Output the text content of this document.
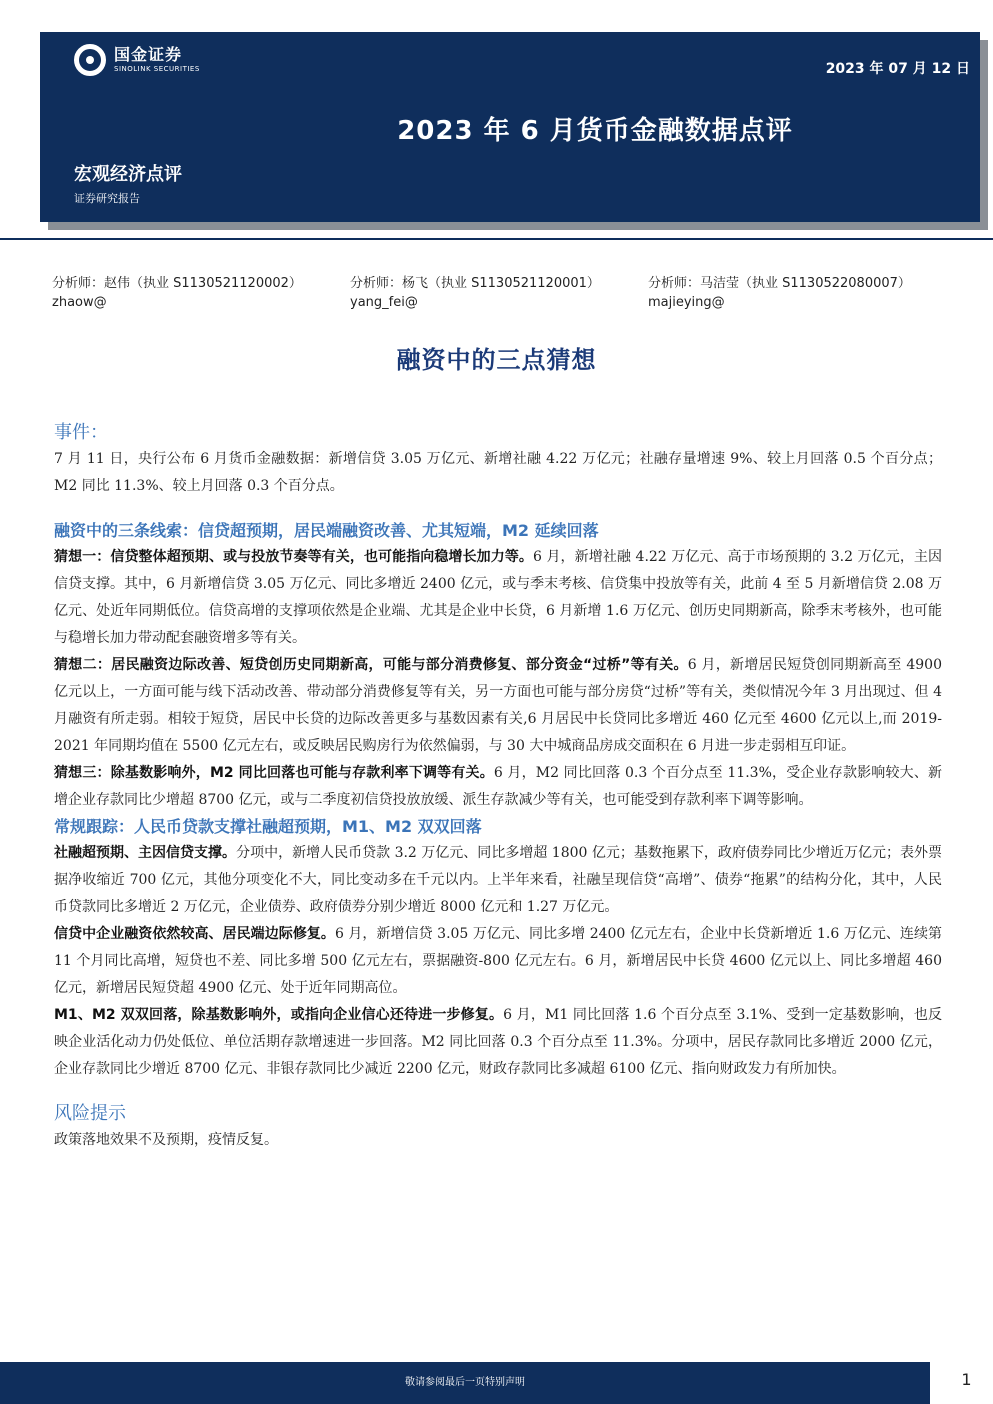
国金证券
SINOLINK SECURITIES	2023 年 07 月 12 日
2023 年 6 月货币金融数据点评
宏观经济点评
证券研究报告
分析师：赵伟（执业 S1130521120002）
zhaow@
分析师：杨飞（执业 S1130521120001）
yang_fei@
分析师：马洁莹（执业 S1130522080007）
majieying@
融资中的三点猜想
事件：

7 月 11 日，央行公布 6 月货币金融数据：新增信贷 3.05 万亿元、新增社融 4.22 万亿元；社融存量增速 9%、较上月回落 0.5 个百分点；M2 同比 11.3%、较上月回落 0.3 个百分点。

融资中的三条线索：信贷超预期，居民端融资改善、尤其短端，M2 延续回落

猜想一：信贷整体超预期、或与投放节奏等有关，也可能指向稳增长加力等。6 月，新增社融 4.22 万亿元、高于市场预期的 3.2 万亿元，主因信贷支撑。其中，6 月新增信贷 3.05 万亿元、同比多增近 2400 亿元，或与季末考核、信贷集中投放等有关，此前 4 至 5 月新增信贷 2.08 万亿元、处近年同期低位。信贷高增的支撑项依然是企业端、尤其是企业中长贷，6 月新增 1.6 万亿元、创历史同期新高，除季末考核外，也可能与稳增长加力带动配套融资增多等有关。

猜想二：居民融资边际改善、短贷创历史同期新高，可能与部分消费修复、部分资金“过桥”等有关。6 月，新增居民短贷创同期新高至 4900 亿元以上，一方面可能与线下活动改善、带动部分消费修复等有关，另一方面也可能与部分房贷“过桥”等有关，类似情况今年 3 月出现过、但 4 月融资有所走弱。相较于短贷，居民中长贷的边际改善更多与基数因素有关,6 月居民中长贷同比多增近 460 亿元至 4600 亿元以上,而 2019-2021 年同期均值在 5500 亿元左右，或反映居民购房行为依然偏弱，与 30 大中城商品房成交面积在 6 月进一步走弱相互印证。

猜想三：除基数影响外，M2 同比回落也可能与存款利率下调等有关。6 月，M2 同比回落 0.3 个百分点至 11.3%，受企业存款影响较大、新增企业存款同比少增超 8700 亿元，或与二季度初信贷投放放缓、派生存款减少等有关，也可能受到存款利率下调等影响。

常规跟踪：人民币贷款支撑社融超预期，M1、M2 双双回落

社融超预期、主因信贷支撑。分项中，新增人民币贷款 3.2 万亿元、同比多增超 1800 亿元；基数拖累下，政府债券同比少增近万亿元；表外票据净收缩近 700 亿元，其他分项变化不大，同比变动多在千元以内。上半年来看，社融呈现信贷“高增”、债券“拖累”的结构分化，其中，人民币贷款同比多增近 2 万亿元，企业债券、政府债券分别少增近 8000 亿元和 1.27 万亿元。

信贷中企业融资依然较高、居民端边际修复。6 月，新增信贷 3.05 万亿元、同比多增 2400 亿元左右，企业中长贷新增近 1.6 万亿元、连续第 11 个月同比高增，短贷也不差、同比多增 500 亿元左右，票据融资-800 亿元左右。6 月，新增居民中长贷 4600 亿元以上、同比多增超 460 亿元，新增居民短贷超 4900 亿元、处于近年同期高位。

M1、M2 双双回落，除基数影响外，或指向企业信心还待进一步修复。6 月，M1 同比回落 1.6 个百分点至 3.1%、受到一定基数影响，也反映企业活化动力仍处低位、单位活期存款增速进一步回落。M2 同比回落 0.3 个百分点至 11.3%。分项中，居民存款同比多增近 2000 亿元，企业存款同比少增近 8700 亿元、非银存款同比少减近 2200 亿元，财政存款同比多减超 6100 亿元、指向财政发力有所加快。

风险提示

政策落地效果不及预期，疫情反复。

敬请参阅最后一页特别声明	1
